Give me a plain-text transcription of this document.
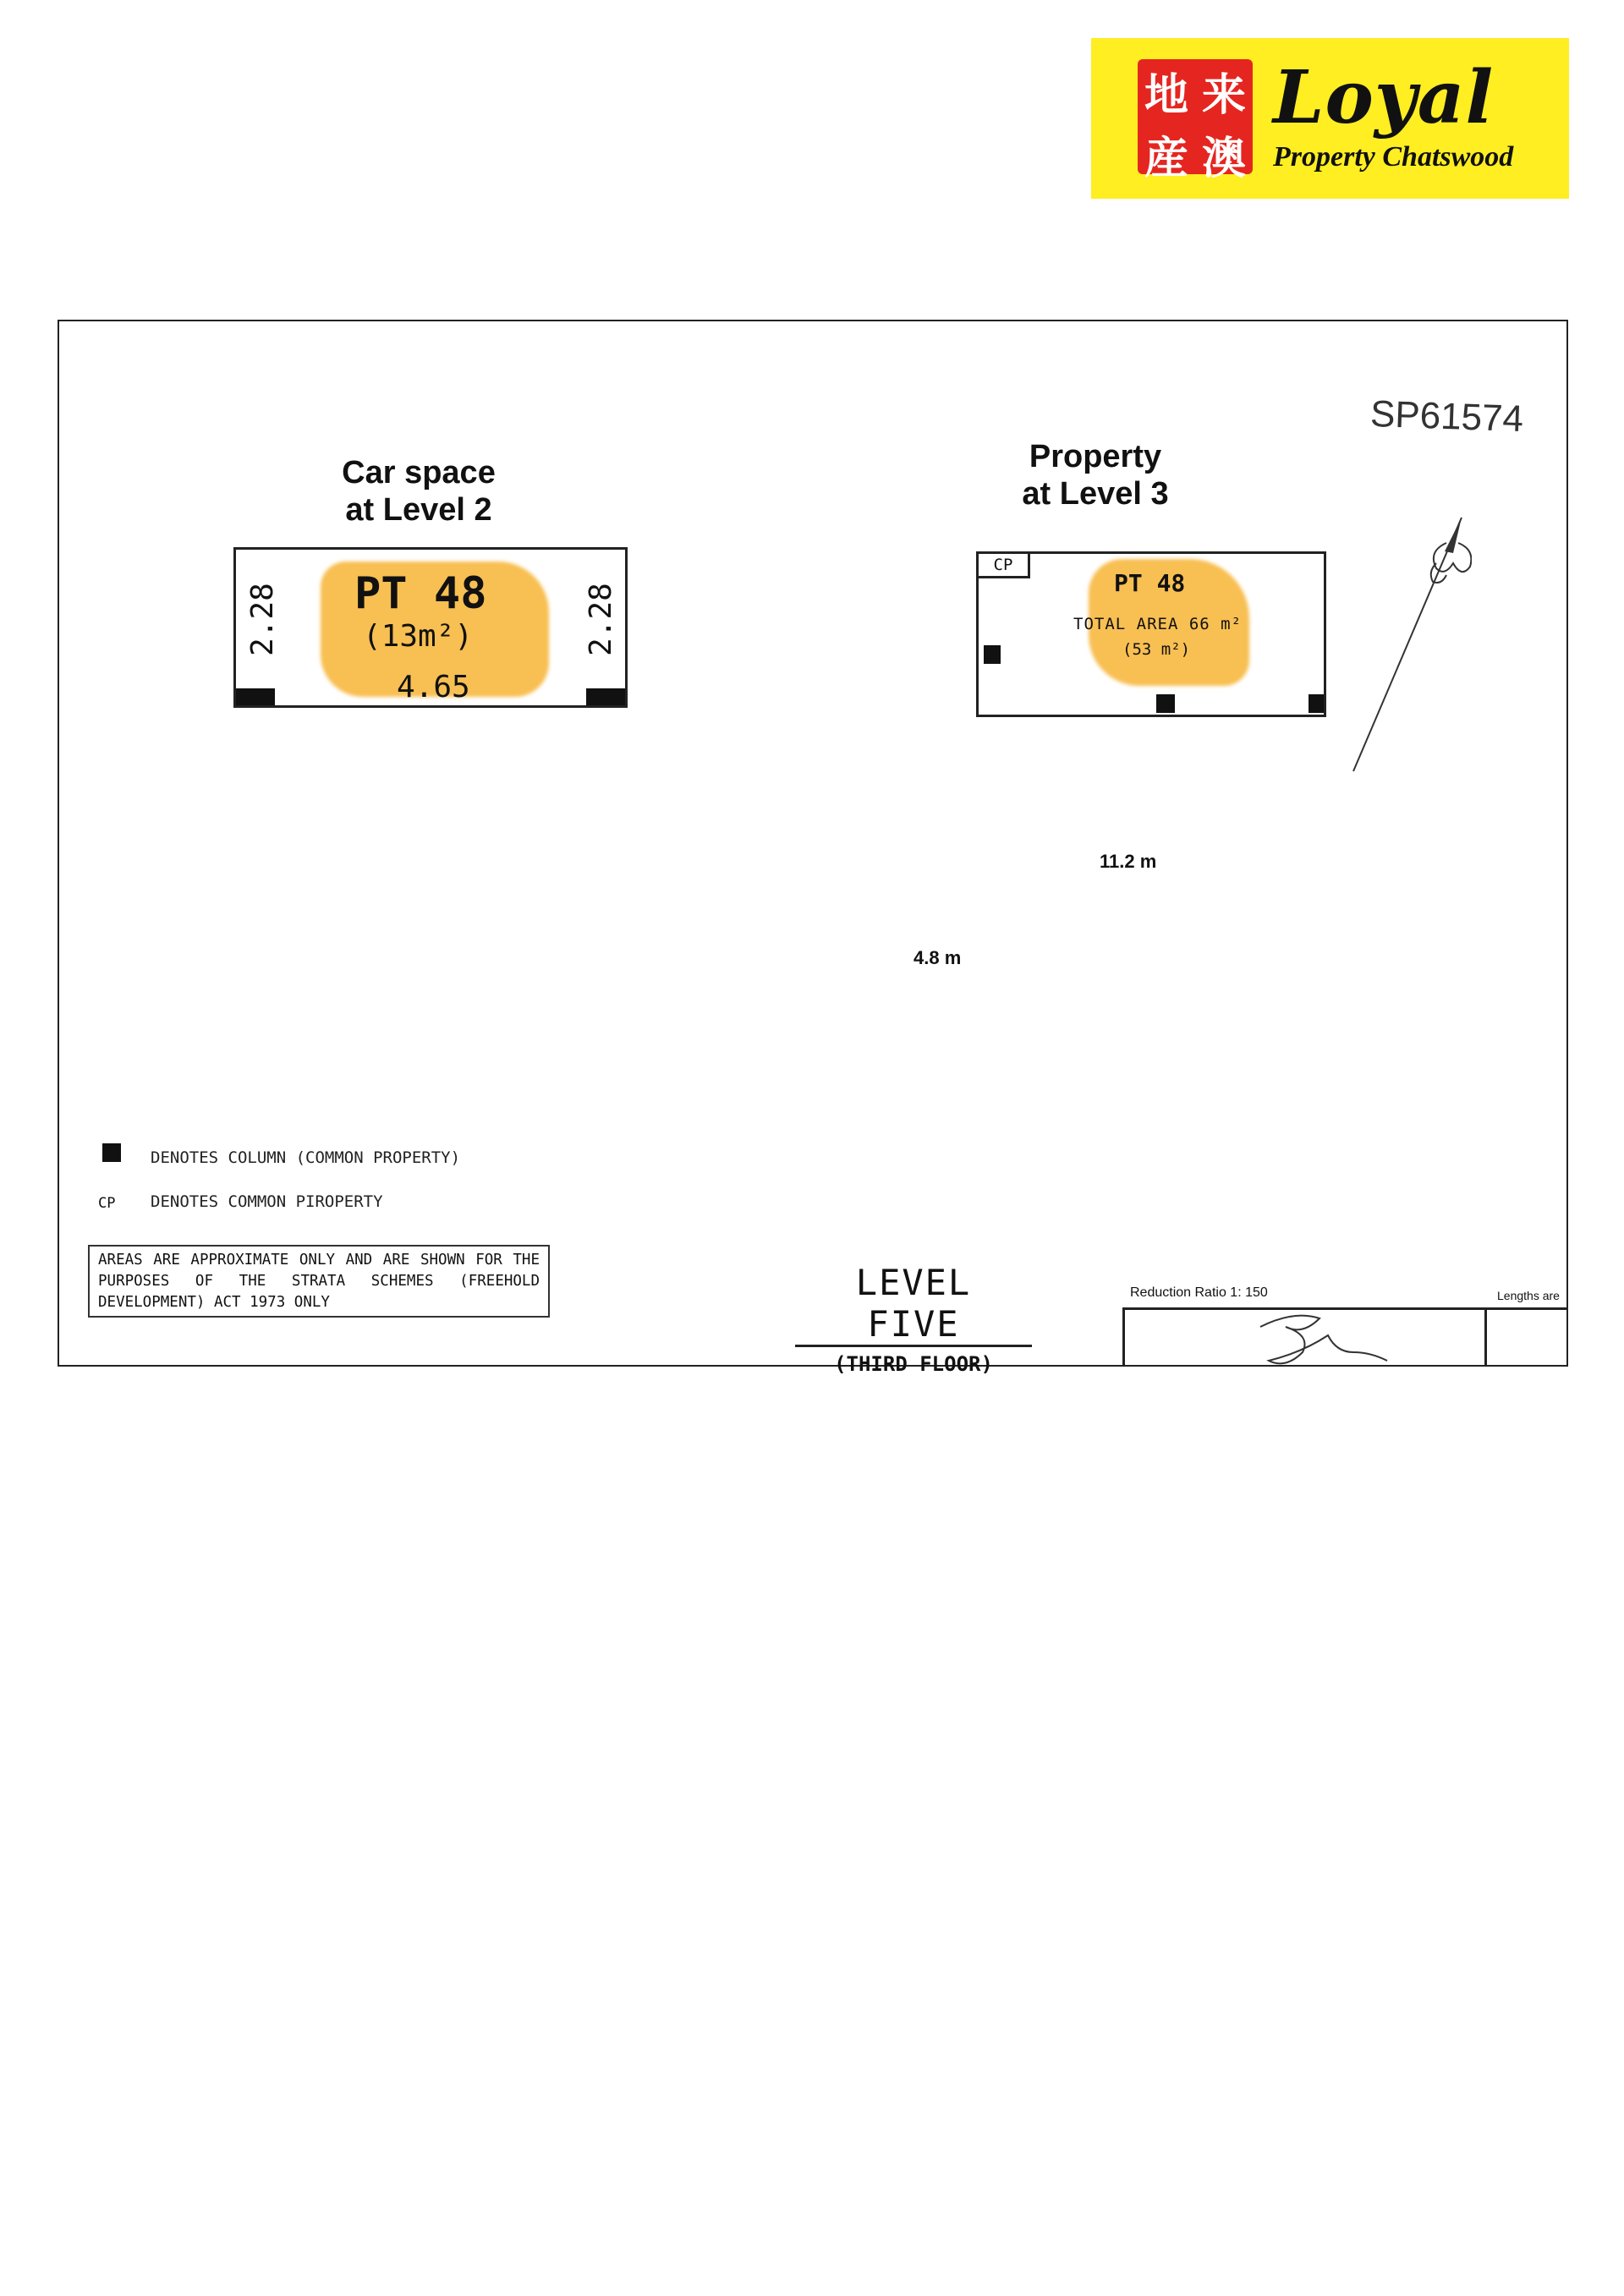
地 来
産 澳
Loyal
Property Chatswood
SP61574
Car space
at Level 2
Property
at Level 3
PT 48
(13m²)
4.65
2.28	2.28
11.2 m
4.8 m
CP
PT 48
TOTAL AREA 66 m²
(53 m²)
DENOTES COLUMN (COMMON PROPERTY)
CP DENOTES COMMON PIROPERTY
AREAS ARE APPROXIMATE ONLY AND ARE SHOWN FOR THE PURPOSES OF THE STRATA SCHEMES (FREEHOLD DEVELOPMENT) ACT 1973 ONLY	LEVEL FIVE
(THIRD FLOOR)
Reduction Ratio 1: 150	Lengths are
